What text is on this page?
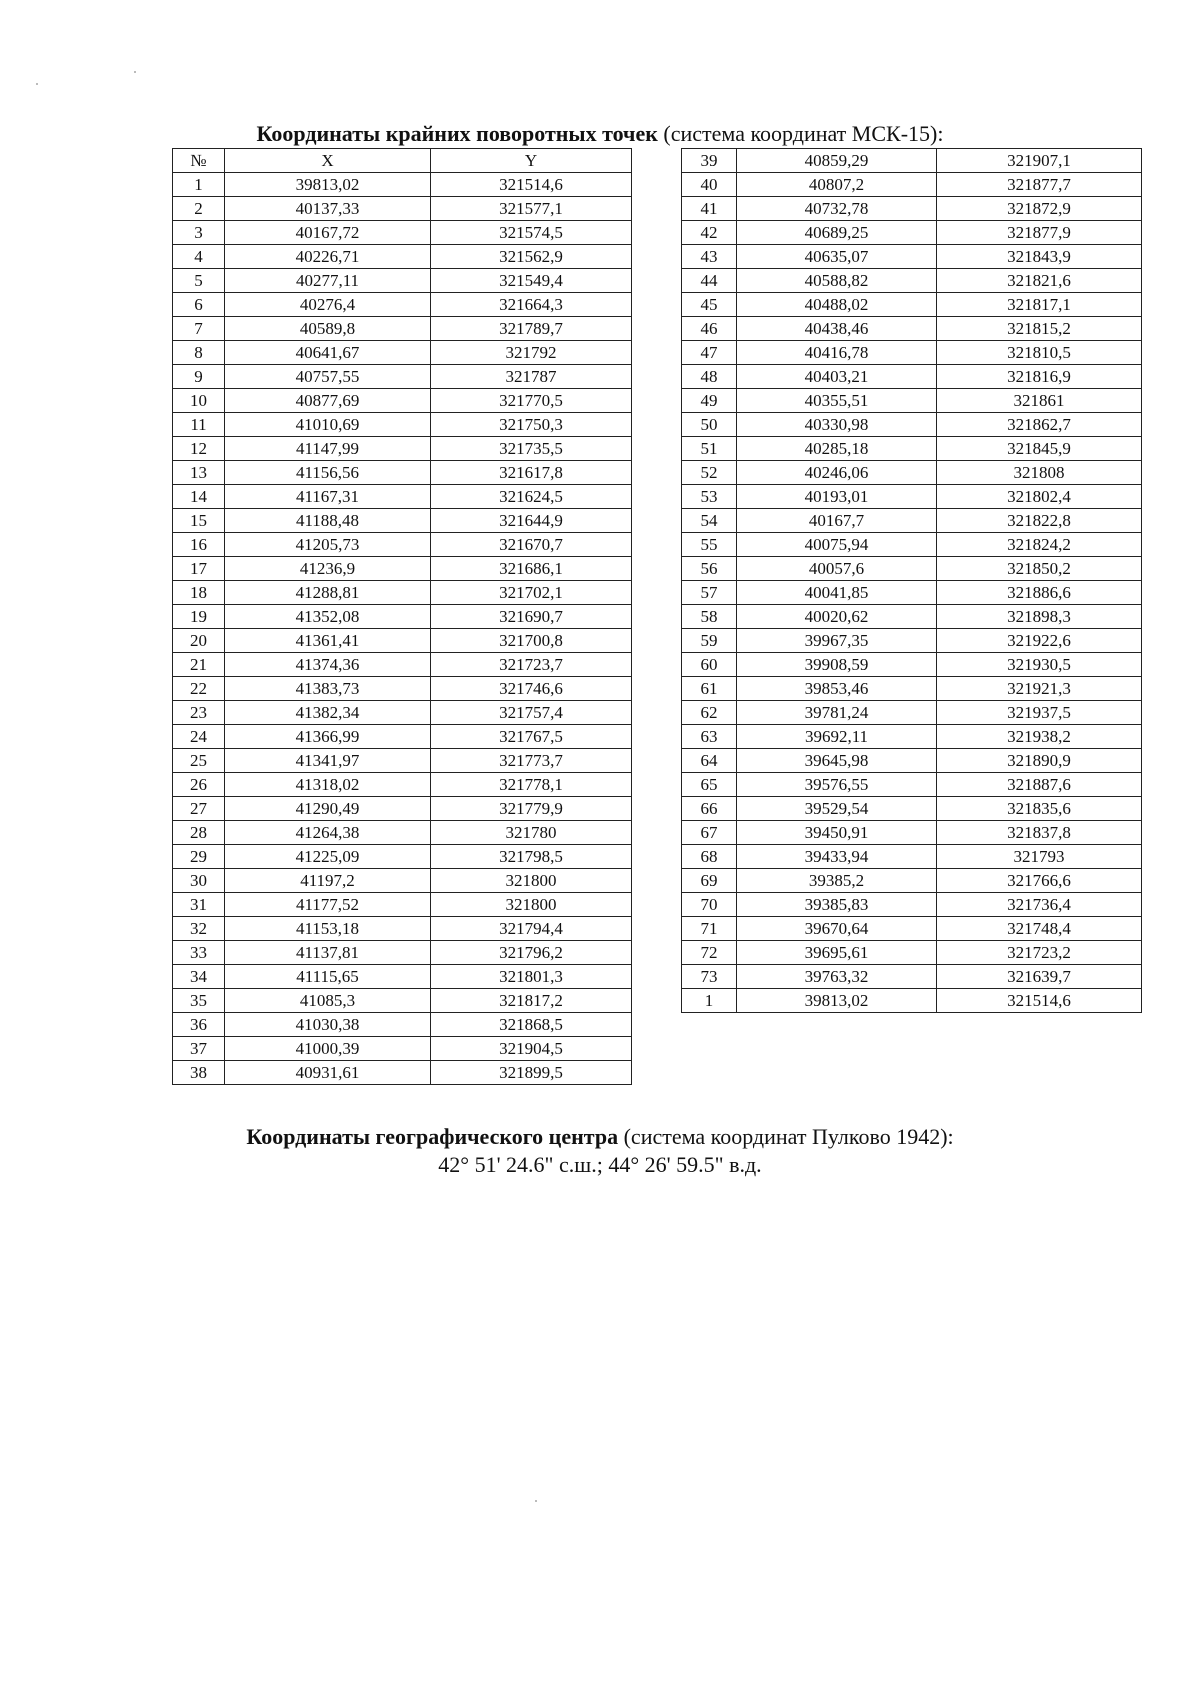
Координаты крайних поворотных точек (система координат МСК-15):
№	X	Y
1	39813,02	321514,6
2	40137,33	321577,1
3	40167,72	321574,5
4	40226,71	321562,9
5	40277,11	321549,4
6	40276,4	321664,3
7	40589,8	321789,7
8	40641,67	321792
9	40757,55	321787
10	40877,69	321770,5
11	41010,69	321750,3
12	41147,99	321735,5
13	41156,56	321617,8
14	41167,31	321624,5
15	41188,48	321644,9
16	41205,73	321670,7
17	41236,9	321686,1
18	41288,81	321702,1
19	41352,08	321690,7
20	41361,41	321700,8
21	41374,36	321723,7
22	41383,73	321746,6
23	41382,34	321757,4
24	41366,99	321767,5
25	41341,97	321773,7
26	41318,02	321778,1
27	41290,49	321779,9
28	41264,38	321780
29	41225,09	321798,5
30	41197,2	321800
31	41177,52	321800
32	41153,18	321794,4
33	41137,81	321796,2
34	41115,65	321801,3
35	41085,3	321817,2
36	41030,38	321868,5
37	41000,39	321904,5
38	40931,61	321899,5
39	40859,29	321907,1
40	40807,2	321877,7
41	40732,78	321872,9
42	40689,25	321877,9
43	40635,07	321843,9
44	40588,82	321821,6
45	40488,02	321817,1
46	40438,46	321815,2
47	40416,78	321810,5
48	40403,21	321816,9
49	40355,51	321861
50	40330,98	321862,7
51	40285,18	321845,9
52	40246,06	321808
53	40193,01	321802,4
54	40167,7	321822,8
55	40075,94	321824,2
56	40057,6	321850,2
57	40041,85	321886,6
58	40020,62	321898,3
59	39967,35	321922,6
60	39908,59	321930,5
61	39853,46	321921,3
62	39781,24	321937,5
63	39692,11	321938,2
64	39645,98	321890,9
65	39576,55	321887,6
66	39529,54	321835,6
67	39450,91	321837,8
68	39433,94	321793
69	39385,2	321766,6
70	39385,83	321736,4
71	39670,64	321748,4
72	39695,61	321723,2
73	39763,32	321639,7
1	39813,02	321514,6
Координаты географического центра (система координат Пулково 1942):
42° 51' 24.6" с.ш.; 44° 26' 59.5" в.д.
